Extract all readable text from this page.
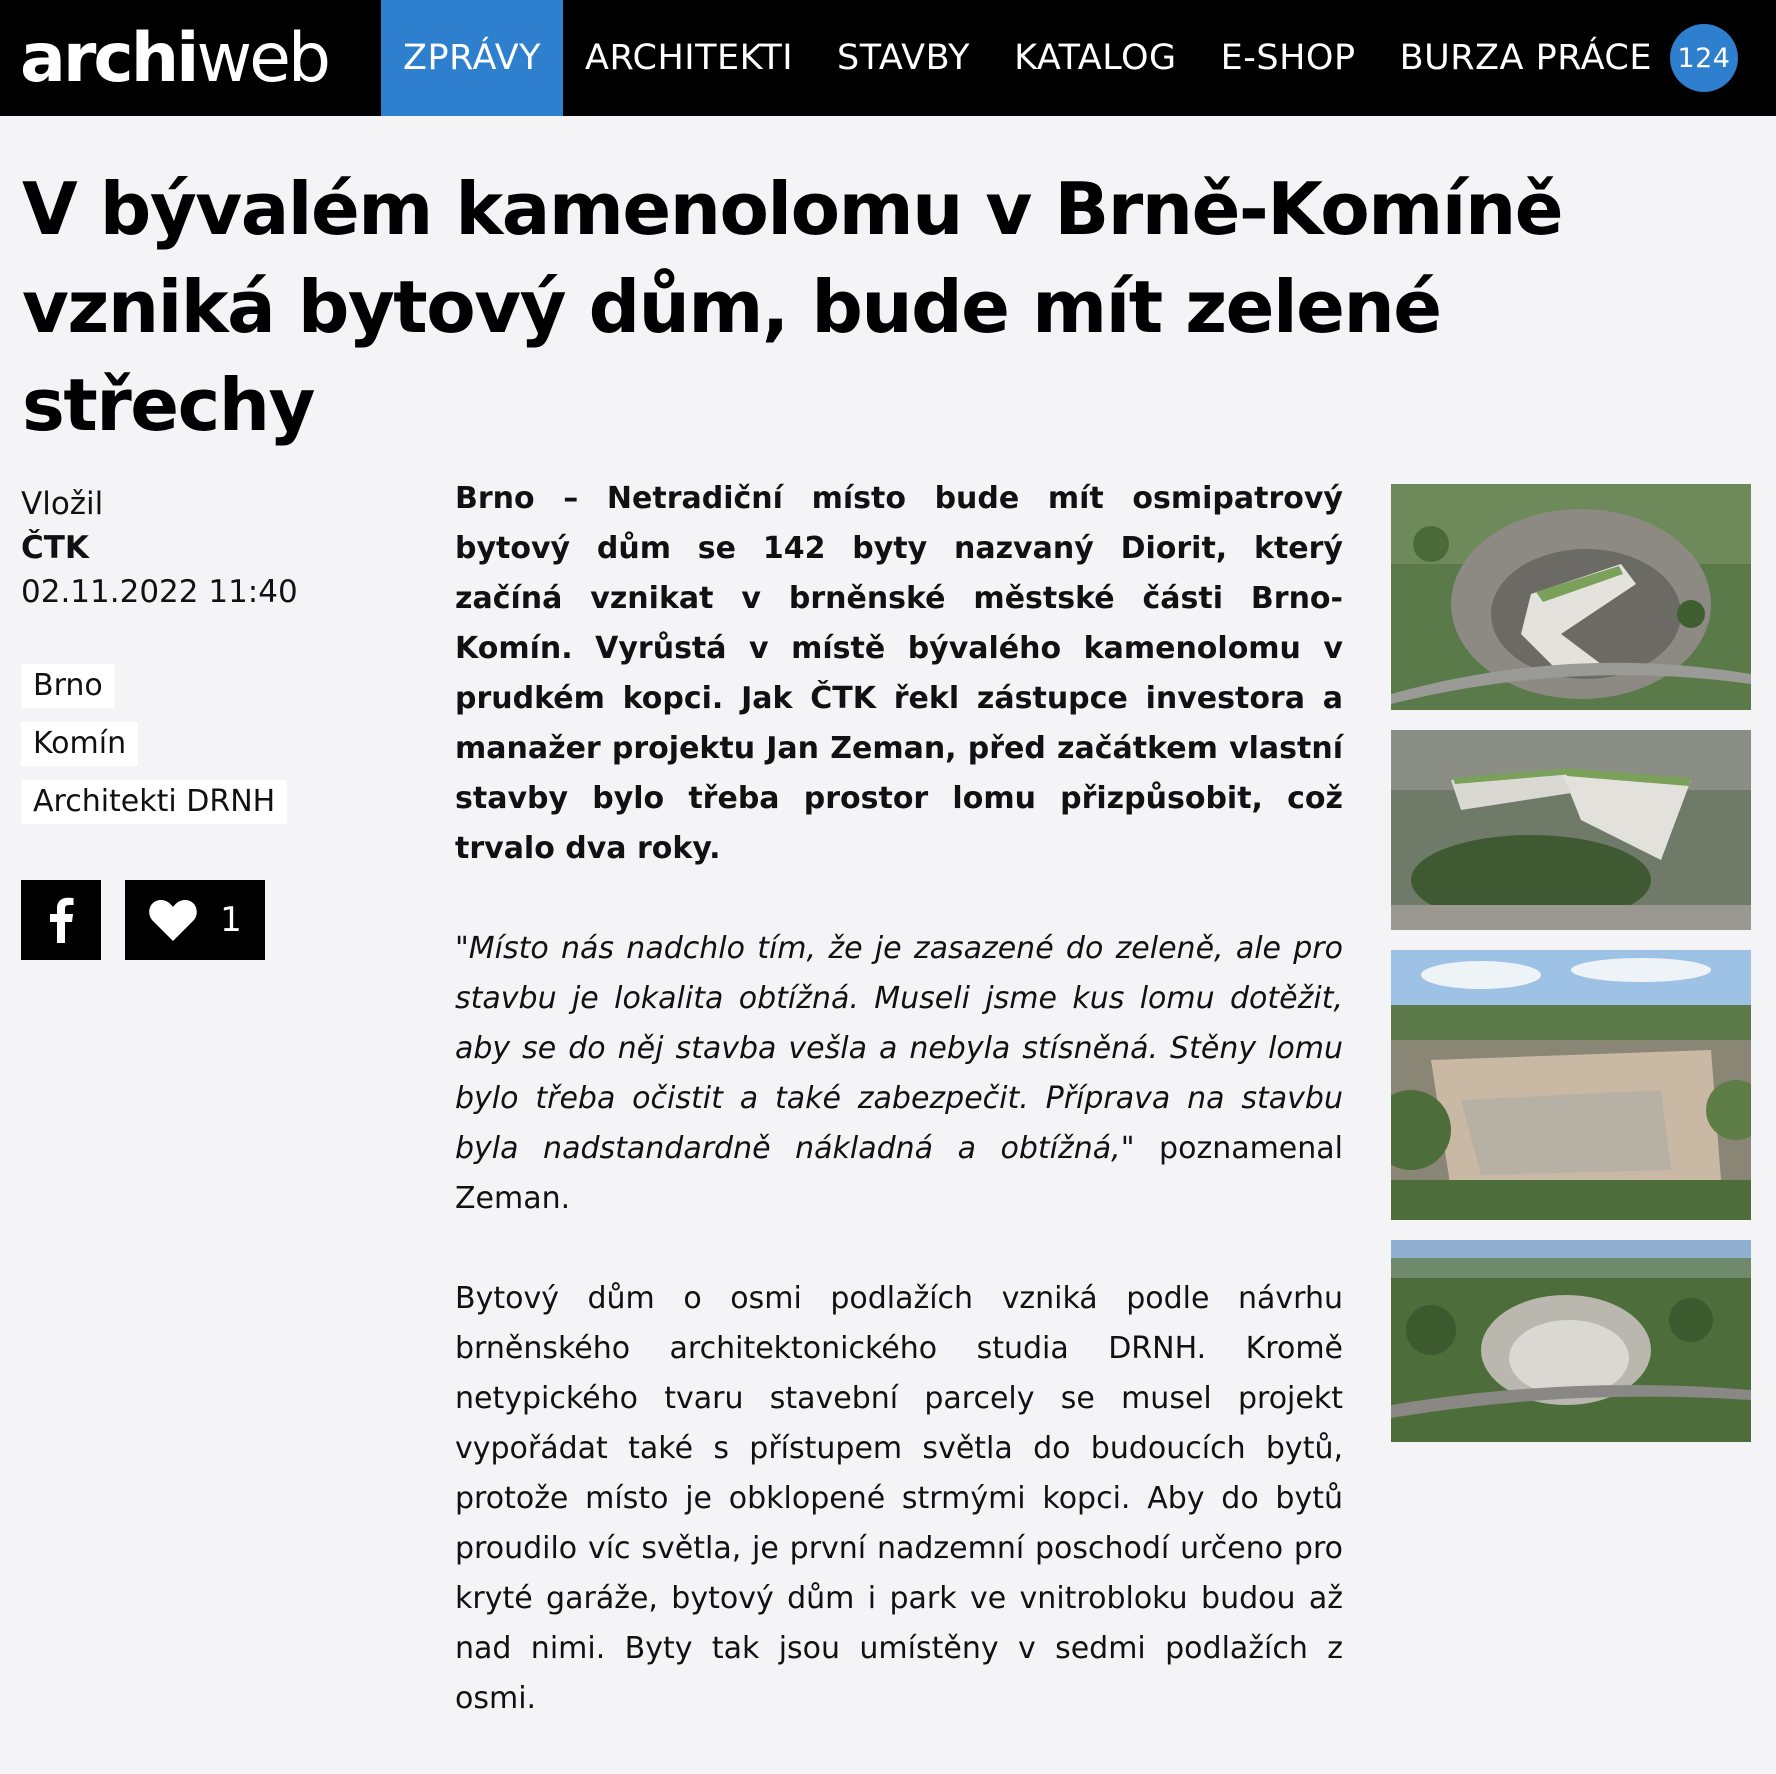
archi web ZPRÁVY ARCHITEKTI STAVBY KATALOG E-SHOP BURZA PRÁCE 124
V bývalém kamenolomu v Brně-Komíně vzniká bytový dům, bude mít zelené střechy
Vložil
ČTK
02.11.2022 11:40
Brno
Komín
Architekti DRNH
1

Brno – Netradiční místo bude mít osmipatrový bytový dům se 142 byty nazvaný Diorit, který začíná vznikat v brněnské městské části Brno-Komín. Vyrůstá v místě bývalého kamenolomu v prudkém kopci. Jak ČTK řekl zástupce investora a manažer projektu Jan Zeman, před začátkem vlastní stavby bylo třeba prostor lomu přizpůsobit, což trvalo dva roky.

"Místo nás nadchlo tím, že je zasazené do zeleně, ale pro stavbu je lokalita obtížná. Museli jsme kus lomu dotěžit, aby se do něj stavba vešla a nebyla stísněná. Stěny lomu bylo třeba očistit a také zabezpečit. Příprava na stavbu byla nadstandardně nákladná a obtížná," poznamenal Zeman.

Bytový dům o osmi podlažích vzniká podle návrhu brněnského architektonického studia DRNH. Kromě netypického tvaru stavební parcely se musel projekt vypořádat také s přístupem světla do budoucích bytů, protože místo je obklopené strmými kopci. Aby do bytů proudilo víc světla, je první nadzemní poschodí určeno pro kryté garáže, bytový dům i park ve vnitrobloku budou až nad nimi. Byty tak jsou umístěny v sedmi podlažích z osmi.
